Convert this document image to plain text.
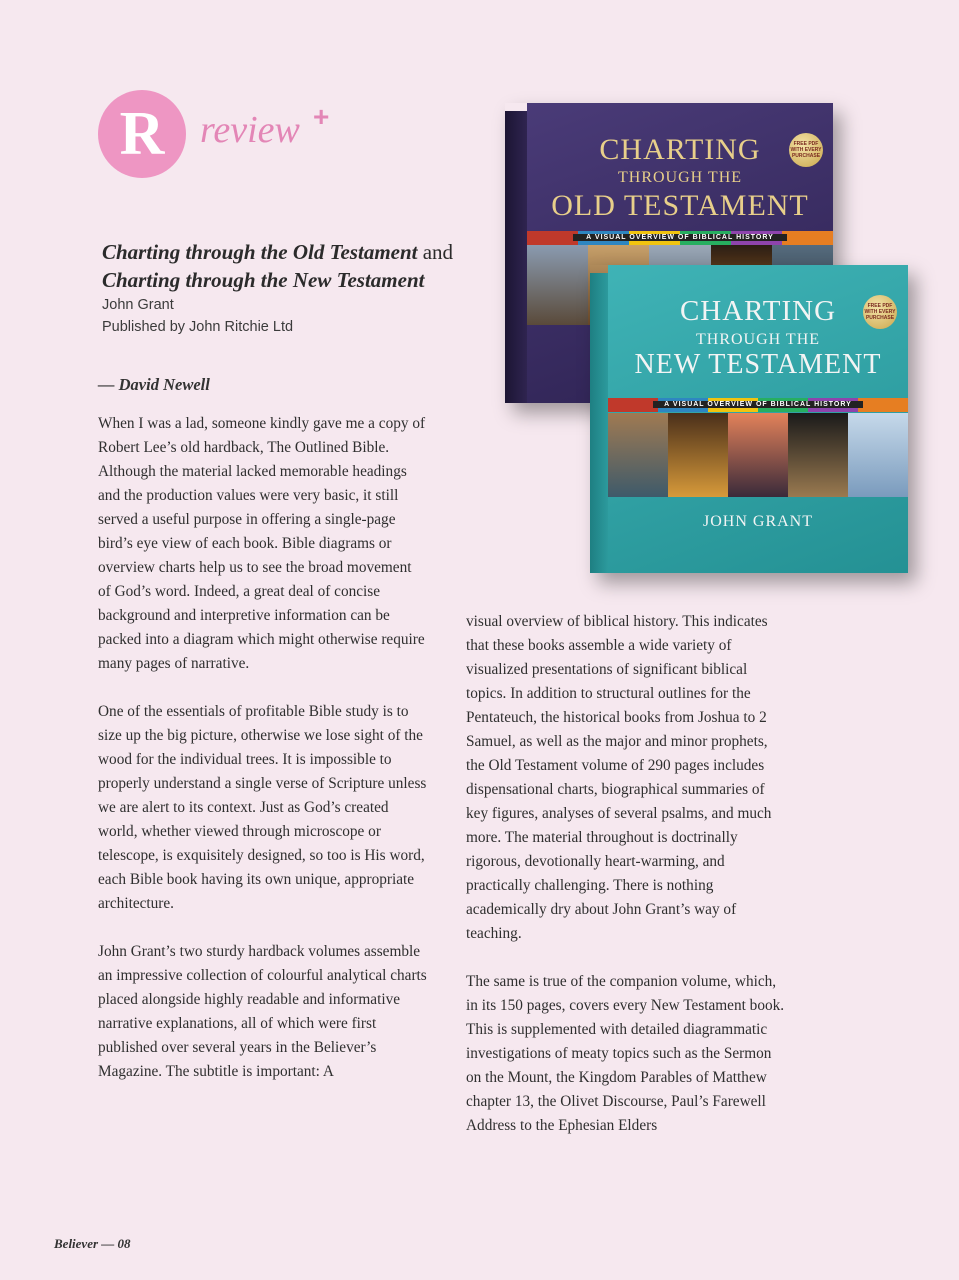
R review +
Charting through the Old Testament and
Charting through the New Testament
John Grant
Published by John Ritchie Ltd
— David Newell

When I was a lad, someone kindly gave me a copy of Robert Lee’s old hardback, The Outlined Bible. Although the material lacked memorable headings and the production values were very basic, it still served a useful purpose in offering a single-page bird’s eye view of each book. Bible diagrams or overview charts help us to see the broad movement of God’s word. Indeed, a great deal of concise background and interpretive information can be packed into a diagram which might otherwise require many pages of narrative.

One of the essentials of profitable Bible study is to size up the big picture, otherwise we lose sight of the wood for the individual trees. It is impossible to properly understand a single verse of Scripture unless we are alert to its context. Just as God’s created world, whether viewed through microscope or telescope, is exquisitely designed, so too is His word, each Bible book having its own unique, appropriate architecture.

John Grant’s two sturdy hardback volumes assemble an impressive collection of colourful analytical charts placed alongside highly readable and informative narrative explanations, all of which were first published over several years in the Believer’s Magazine. The subtitle is important: A

visual overview of biblical history. This indicates that these books assemble a wide variety of visualized presentations of significant biblical topics. In addition to structural outlines for the Pentateuch, the historical books from Joshua to 2 Samuel, as well as the major and minor prophets, the Old Testament volume of 290 pages includes dispensational charts, biographical summaries of key figures, analyses of several psalms, and much more. The material throughout is doctrinally rigorous, devotionally heart-warming, and practically challenging. There is nothing academically dry about John Grant’s way of teaching.

The same is true of the companion volume, which, in its 150 pages, covers every New Testament book. This is supplemented with detailed diagrammatic investigations of meaty topics such as the Sermon on the Mount, the Kingdom Parables of Matthew chapter 13, the Olivet Discourse, Paul’s Farewell Address to the Ephesian Elders

CHARTING
THROUGH THE
OLD TESTAMENT
A VISUAL OVERVIEW OF BIBLICAL HISTORY
FREE PDF WITH EVERY PURCHASE
CHARTING
THROUGH THE
NEW TESTAMENT
A VISUAL OVERVIEW OF BIBLICAL HISTORY
JOHN GRANT
FREE PDF WITH EVERY PURCHASE
Believer — 08
